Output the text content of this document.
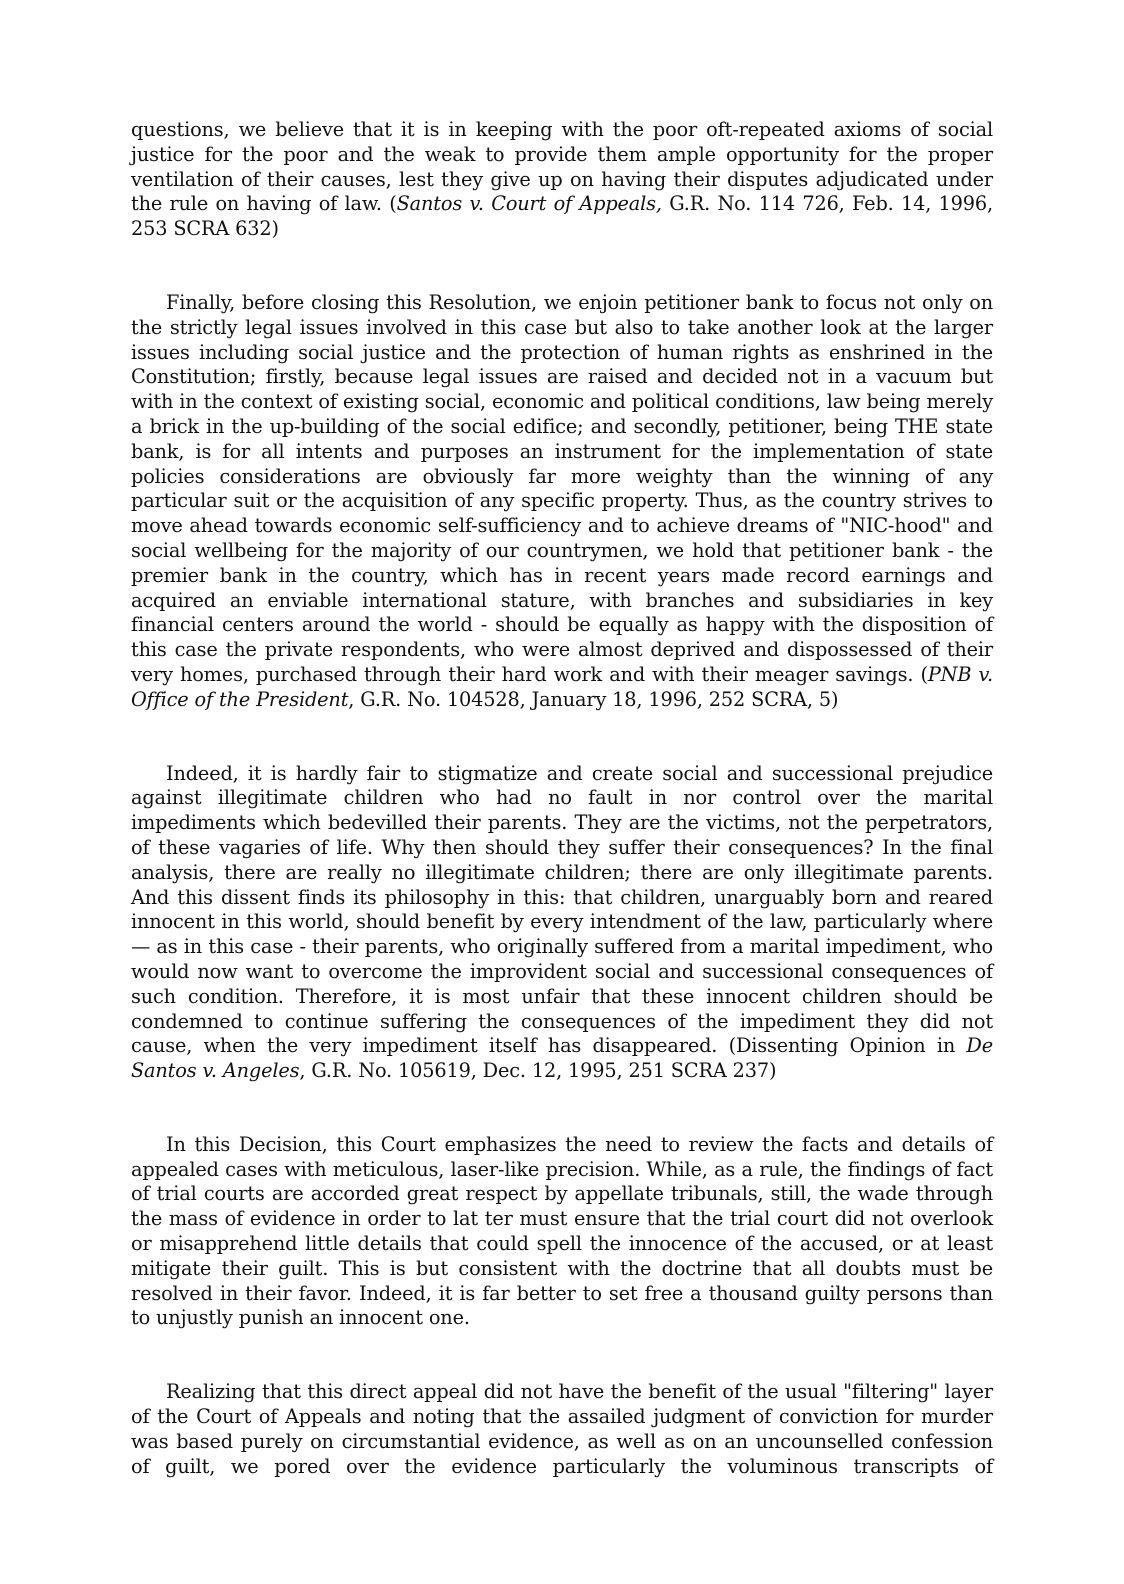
questions, we believe that it is in keeping with the poor oft-repeated axioms of social justice for the poor and the weak to provide them ample opportunity for the proper ventilation of their causes, lest they give up on having their disputes adjudicated under the rule on having of law. (Santos v. Court of Appeals, G.R. No. 114 726, Feb. 14, 1996, 253 SCRA 632)

Finally, before closing this Resolution, we enjoin petitioner bank to focus not only on the strictly legal issues involved in this case but also to take another look at the larger issues including social justice and the protection of human rights as enshrined in the Constitution; firstly, because legal issues are raised and decided not in a vacuum but with in the context of existing social, economic and political conditions, law being merely a brick in the up-building of the social edifice; and secondly, petitioner, being THE state bank, is for all intents and purposes an instrument for the implementation of state policies considerations are obviously far more weighty than the winning of any particular suit or the acquisition of any specific property. Thus, as the country strives to move ahead towards economic self-sufficiency and to achieve dreams of "NIC-hood" and social wellbeing for the majority of our countrymen, we hold that petitioner bank - the premier bank in the country, which has in recent years made record earnings and acquired an enviable international stature, with branches and subsidiaries in key financial centers around the world - should be equally as happy with the disposition of this case the private respondents, who were almost deprived and dispossessed of their very homes, purchased through their hard work and with their meager savings. (PNB v. Office of the President, G.R. No. 104528, January 18, 1996, 252 SCRA, 5)

Indeed, it is hardly fair to stigmatize and create social and successional prejudice against illegitimate children who had no fault in nor control over the marital impediments which bedevilled their parents. They are the victims, not the perpetrators, of these vagaries of life. Why then should they suffer their consequences? In the final analysis, there are really no illegitimate children; there are only illegitimate parents. And this dissent finds its philosophy in this: that children, unarguably born and reared innocent in this world, should benefit by every intendment of the law, particularly where — as in this case - their parents, who originally suffered from a marital impediment, who would now want to overcome the improvident social and successional consequences of such condition. Therefore, it is most unfair that these innocent children should be condemned to continue suffering the consequences of the impediment they did not cause, when the very impediment itself has disappeared. (Dissenting Opinion in De Santos v. Angeles, G.R. No. 105619, Dec. 12, 1995, 251 SCRA 237)

In this Decision, this Court emphasizes the need to review the facts and details of appealed cases with meticulous, laser-like precision. While, as a rule, the findings of fact of trial courts are accorded great respect by appellate tribunals, still, the wade through the mass of evidence in order to lat ter must ensure that the trial court did not overlook or misapprehend little details that could spell the innocence of the accused, or at least mitigate their guilt. This is but consistent with the doctrine that all doubts must be resolved in their favor. Indeed, it is far better to set free a thousand guilty persons than to unjustly punish an innocent one.

Realizing that this direct appeal did not have the benefit of the usual "filtering" layer of the Court of Appeals and noting that the assailed judgment of conviction for murder was based purely on circumstantial evidence, as well as on an uncounselled confession of guilt, we pored over the evidence particularly the voluminous transcripts of
